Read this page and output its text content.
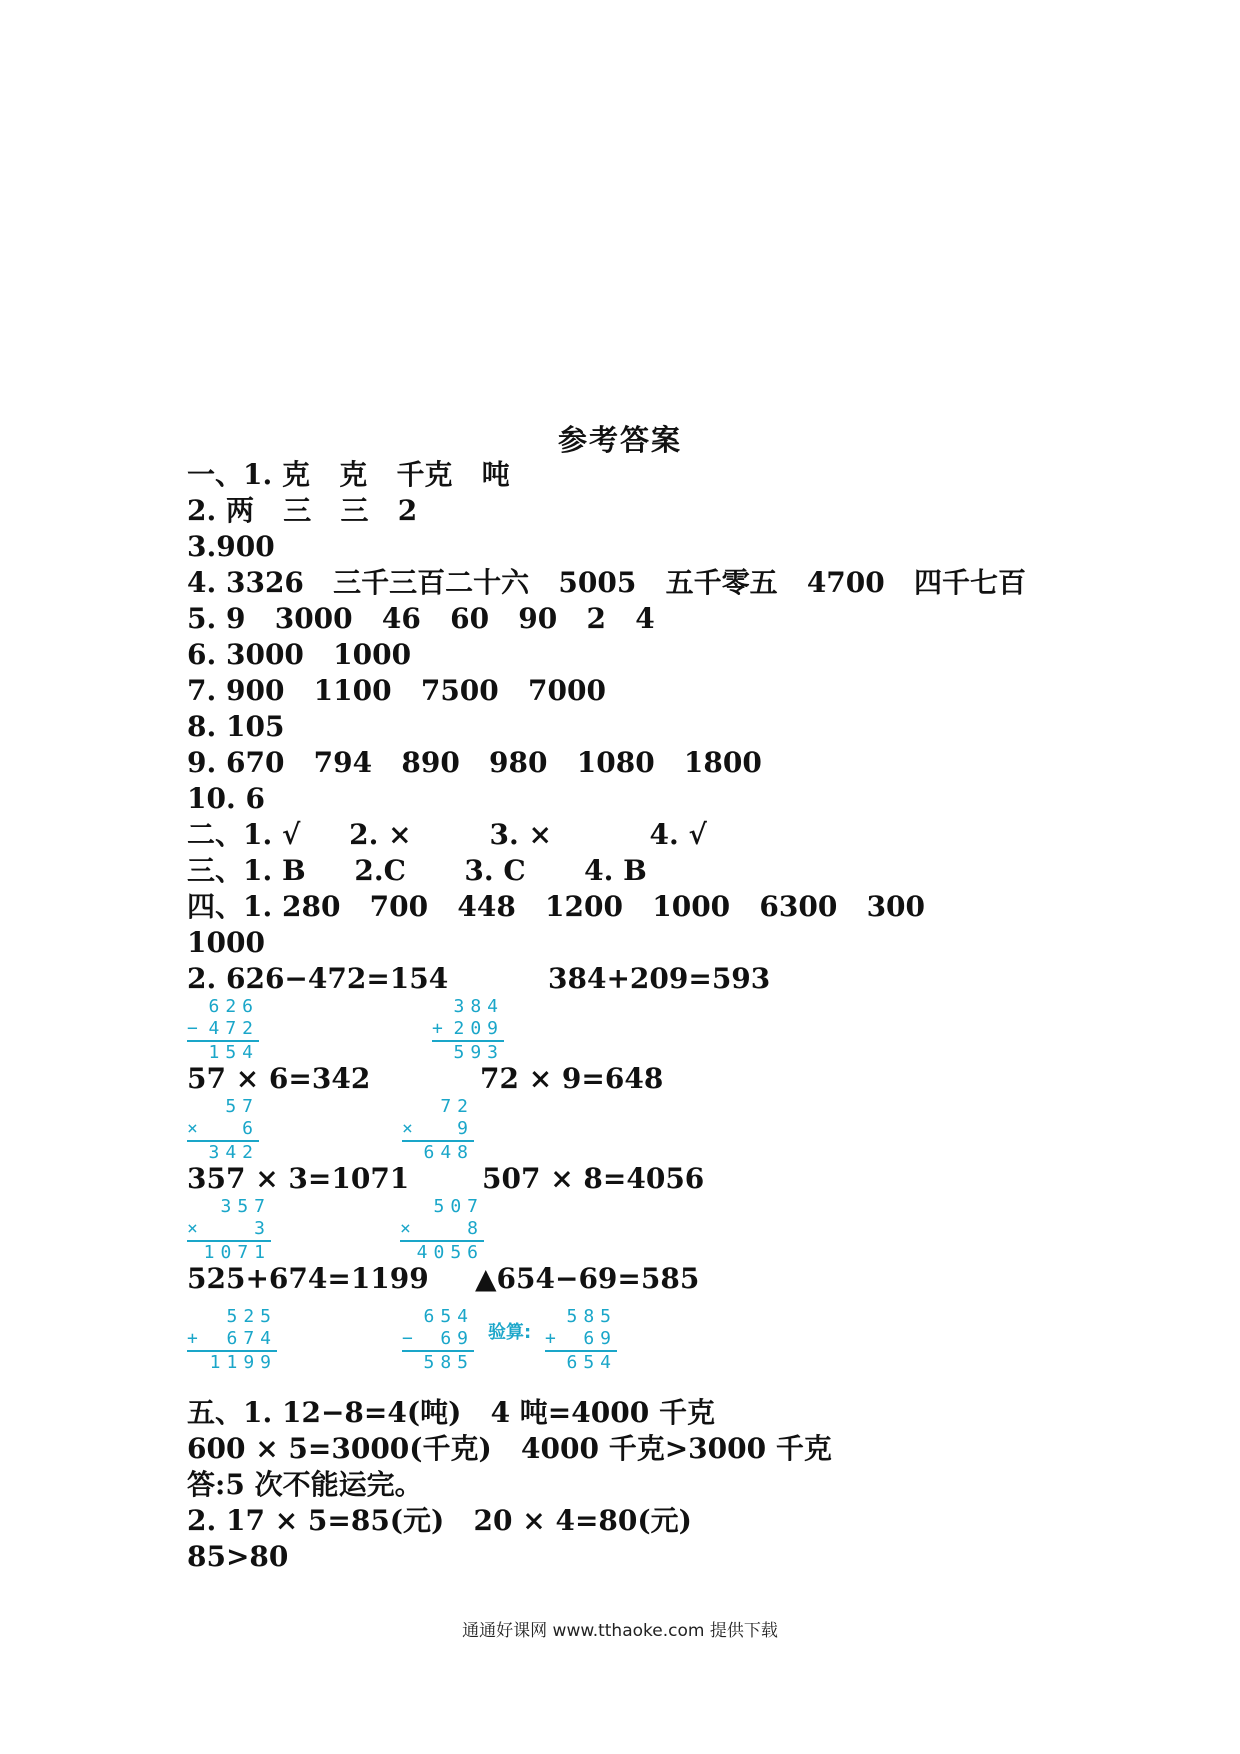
参考答案
一、1. 克   克   千克   吨
2. 两   三   三   2
3.900
4. 3326   三千三百二十六   5005   五千零五   4700   四千七百
5. 9   3000   46   60   90   2   4
6. 3000   1000
7. 900   1100   7500   7000
8. 105
9. 670   794   890   980   1080   1800
10. 6
二、1. √     2. ×        3. ×          4. √
三、1. B     2.C      3. C      4. B
四、1. 280   700   448   1200   1000   6300   300
1000
2. 626−472=154	384+209=593
626
− 472
154
384
+ 209
593
57 × 6=342	72 × 9=648
57
× 6
342
72
× 9
648
357 × 3=1071	507 × 8=4056
357
×	3
1071
507
×	8
4056
525+674=1199 ▲654−69=585
525
+ 674
1199
654
− 69
585
验算:
585
+ 69
654
五、1. 12−8=4(吨)   4 吨=4000 千克
600 × 5=3000(千克)   4000 千克>3000 千克
答:5 次不能运完。
2. 17 × 5=85(元)   20 × 4=80(元)
85>80
通通好课网 www.tthaoke.com 提供下载
